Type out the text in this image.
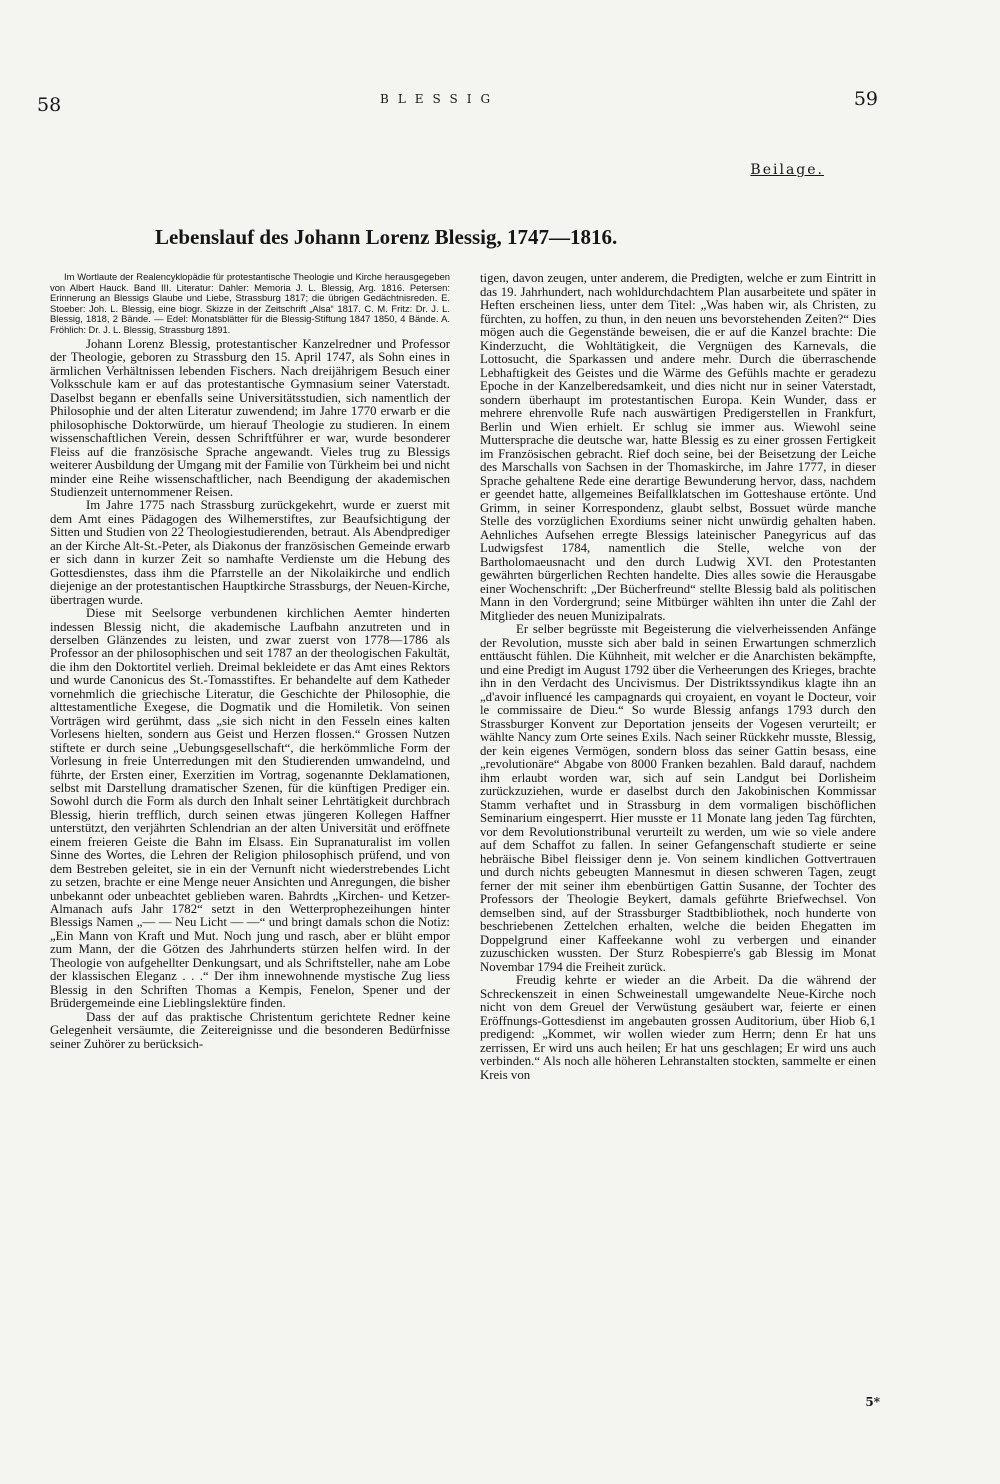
58	BLESSIG	59
Beilage.
Lebenslauf des Johann Lorenz Blessig, 1747—1816.

Im Wortlaute der Realencyklopädie für protestantische Theologie und Kirche herausgegeben von Albert Hauck. Band III. Literatur: Dahler: Memoria J. L. Blessig, Arg. 1816. Petersen: Erinnerung an Blessigs Glaube und Liebe, Strassburg 1817; die übrigen Gedächtnisreden. E. Stoeber: Joh. L. Blessig, eine biogr. Skizze in der Zeitschrift „Alsa“ 1817. C. M. Fritz: Dr. J. L. Blessig, 1818, 2 Bände. — Edel: Monatsblätter für die Blessig-Stiftung 1847 1850, 4 Bände. A. Fröhlich: Dr. J. L. Blessig, Strassburg 1891.

Johann Lorenz Blessig, protestantischer Kanzelredner und Professor der Theologie, geboren zu Strassburg den 15. April 1747, als Sohn eines in ärmlichen Verhältnissen lebenden Fischers. Nach dreijährigem Besuch einer Volksschule kam er auf das protestantische Gymnasium seiner Vaterstadt. Daselbst begann er ebenfalls seine Universitätsstudien, sich namentlich der Philosophie und der alten Literatur zuwendend; im Jahre 1770 erwarb er die philosophische Doktorwürde, um hierauf Theologie zu studieren. In einem wissenschaftlichen Verein, dessen Schriftführer er war, wurde besonderer Fleiss auf die französische Sprache angewandt. Vieles trug zu Blessigs weiterer Ausbildung der Umgang mit der Familie von Türkheim bei und nicht minder eine Reihe wissenschaftlicher, nach Beendigung der akademischen Studienzeit unternommener Reisen.

Im Jahre 1775 nach Strassburg zurückgekehrt, wurde er zuerst mit dem Amt eines Pädagogen des Wilhemerstiftes, zur Beaufsichtigung der Sitten und Studien von 22 Theologiestudierenden, betraut. Als Abendprediger an der Kirche Alt-St.-Peter, als Diakonus der französischen Gemeinde erwarb er sich dann in kurzer Zeit so namhafte Verdienste um die Hebung des Gottesdienstes, dass ihm die Pfarrstelle an der Nikolaikirche und endlich diejenige an der protestantischen Hauptkirche Strassburgs, der Neuen-Kirche, übertragen wurde.

Diese mit Seelsorge verbundenen kirchlichen Aemter hinderten indessen Blessig nicht, die akademische Laufbahn anzutreten und in derselben Glänzendes zu leisten, und zwar zuerst von 1778—1786 als Professor an der philosophischen und seit 1787 an der theologischen Fakultät, die ihm den Doktortitel verlieh. Dreimal bekleidete er das Amt eines Rektors und wurde Canonicus des St.-Tomasstiftes. Er behandelte auf dem Katheder vornehmlich die griechische Literatur, die Geschichte der Philosophie, die alttestamentliche Exegese, die Dogmatik und die Homiletik. Von seinen Vorträgen wird gerühmt, dass „sie sich nicht in den Fesseln eines kalten Vorlesens hielten, sondern aus Geist und Herzen flossen.“ Grossen Nutzen stiftete er durch seine „Uebungsgesellschaft“, die herkömmliche Form der Vorlesung in freie Unterredungen mit den Studierenden umwandelnd, und führte, der Ersten einer, Exerzitien im Vortrag, sogenannte Deklamationen, selbst mit Darstellung dramatischer Szenen, für die künftigen Prediger ein. Sowohl durch die Form als durch den Inhalt seiner Lehrtätigkeit durchbrach Blessig, hierin trefflich, durch seinen etwas jüngeren Kollegen Haffner unterstützt, den verjährten Schlendrian an der alten Universität und eröffnete einem freieren Geiste die Bahn im Elsass. Ein Supranaturalist im vollen Sinne des Wortes, die Lehren der Religion philosophisch prüfend, und von dem Bestreben geleitet, sie in ein der Vernunft nicht wiederstrebendes Licht zu setzen, brachte er eine Menge neuer Ansichten und Anregungen, die bisher unbekannt oder unbeachtet geblieben waren. Bahrdts „Kirchen- und Ketzer-Almanach aufs Jahr 1782“ setzt in den Wetterprophezeihungen hinter Blessigs Namen „— — Neu Licht — —“ und bringt damals schon die Notiz: „Ein Mann von Kraft und Mut. Noch jung und rasch, aber er blüht empor zum Mann, der die Götzen des Jahrhunderts stürzen helfen wird. In der Theologie von aufgehellter Denkungsart, und als Schriftsteller, nahe am Lobe der klassischen Eleganz . . .“ Der ihm innewohnende mystische Zug liess Blessig in den Schriften Thomas a Kempis, Fenelon, Spener und der Brüdergemeinde eine Lieblingslektüre finden.

Dass der auf das praktische Christentum gerichtete Redner keine Gelegenheit versäumte, die Zeitereignisse und die besonderen Bedürfnisse seiner Zuhörer zu berücksich-

tigen, davon zeugen, unter anderem, die Predigten, welche er zum Eintritt in das 19. Jahrhundert, nach wohldurchdachtem Plan ausarbeitete und später in Heften erscheinen liess, unter dem Titel: „Was haben wir, als Christen, zu fürchten, zu hoffen, zu thun, in den neuen uns bevorstehenden Zeiten?“ Dies mögen auch die Gegenstände beweisen, die er auf die Kanzel brachte: Die Kinderzucht, die Wohltätigkeit, die Vergnügen des Karnevals, die Lottosucht, die Sparkassen und andere mehr. Durch die überraschende Lebhaftigkeit des Geistes und die Wärme des Gefühls machte er geradezu Epoche in der Kanzelberedsamkeit, und dies nicht nur in seiner Vaterstadt, sondern überhaupt im protestantischen Europa. Kein Wunder, dass er mehrere ehrenvolle Rufe nach auswärtigen Predigerstellen in Frankfurt, Berlin und Wien erhielt. Er schlug sie immer aus. Wiewohl seine Muttersprache die deutsche war, hatte Blessig es zu einer grossen Fertigkeit im Französischen gebracht. Rief doch seine, bei der Beisetzung der Leiche des Marschalls von Sachsen in der Thomaskirche, im Jahre 1777, in dieser Sprache gehaltene Rede eine derartige Bewunderung hervor, dass, nachdem er geendet hatte, allgemeines Beifallklatschen im Gotteshause ertönte. Und Grimm, in seiner Korrespondenz, glaubt selbst, Bossuet würde manche Stelle des vorzüglichen Exordiums seiner nicht unwürdig gehalten haben. Aehnliches Aufsehen erregte Blessigs lateinischer Panegyricus auf das Ludwigsfest 1784, namentlich die Stelle, welche von der Bartholomaeusnacht und den durch Ludwig XVI. den Protestanten gewährten bürgerlichen Rechten handelte. Dies alles sowie die Herausgabe einer Wochenschrift: „Der Bücherfreund“ stellte Blessig bald als politischen Mann in den Vordergrund; seine Mitbürger wählten ihn unter die Zahl der Mitglieder des neuen Munizipalrats.

Er selber begrüsste mit Begeisterung die vielverheissenden Anfänge der Revolution, musste sich aber bald in seinen Erwartungen schmerzlich enttäuscht fühlen. Die Kühnheit, mit welcher er die Anarchisten bekämpfte, und eine Predigt im August 1792 über die Verheerungen des Krieges, brachte ihn in den Verdacht des Uncivismus. Der Distriktssyndikus klagte ihn an „d'avoir influencé les campagnards qui croyaient, en voyant le Docteur, voir le commissaire de Dieu.“ So wurde Blessig anfangs 1793 durch den Strassburger Konvent zur Deportation jenseits der Vogesen verurteilt; er wählte Nancy zum Orte seines Exils. Nach seiner Rückkehr musste, Blessig, der kein eigenes Vermögen, sondern bloss das seiner Gattin besass, eine „revolutionäre“ Abgabe von 8000 Franken bezahlen. Bald darauf, nachdem ihm erlaubt worden war, sich auf sein Landgut bei Dorlisheim zurückzuziehen, wurde er daselbst durch den Jakobinischen Kommissar Stamm verhaftet und in Strassburg in dem vormaligen bischöflichen Seminarium eingesperrt. Hier musste er 11 Monate lang jeden Tag fürchten, vor dem Revolutionstribunal verurteilt zu werden, um wie so viele andere auf dem Schaffot zu fallen. In seiner Gefangenschaft studierte er seine hebräische Bibel fleissiger denn je. Von seinem kindlichen Gottvertrauen und durch nichts gebeugten Mannesmut in diesen schweren Tagen, zeugt ferner der mit seiner ihm ebenbürtigen Gattin Susanne, der Tochter des Professors der Theologie Beykert, damals geführte Briefwechsel. Von demselben sind, auf der Strassburger Stadtbibliothek, noch hunderte von beschriebenen Zettelchen erhalten, welche die beiden Ehegatten im Doppelgrund einer Kaffeekanne wohl zu verbergen und einander zuzuschicken wussten. Der Sturz Robespierre's gab Blessig im Monat Novembar 1794 die Freiheit zurück.

Freudig kehrte er wieder an die Arbeit. Da die während der Schreckenszeit in einen Schweinestall umgewandelte Neue-Kirche noch nicht von dem Greuel der Verwüstung gesäubert war, feierte er einen Eröffnungs-Gottesdienst im angebauten grossen Auditorium, über Hiob 6,1 predigend: „Kommet, wir wollen wieder zum Herrn; denn Er hat uns zerrissen, Er wird uns auch heilen; Er hat uns geschlagen; Er wird uns auch verbinden.“ Als noch alle höheren Lehranstalten stockten, sammelte er einen Kreis von

5*
